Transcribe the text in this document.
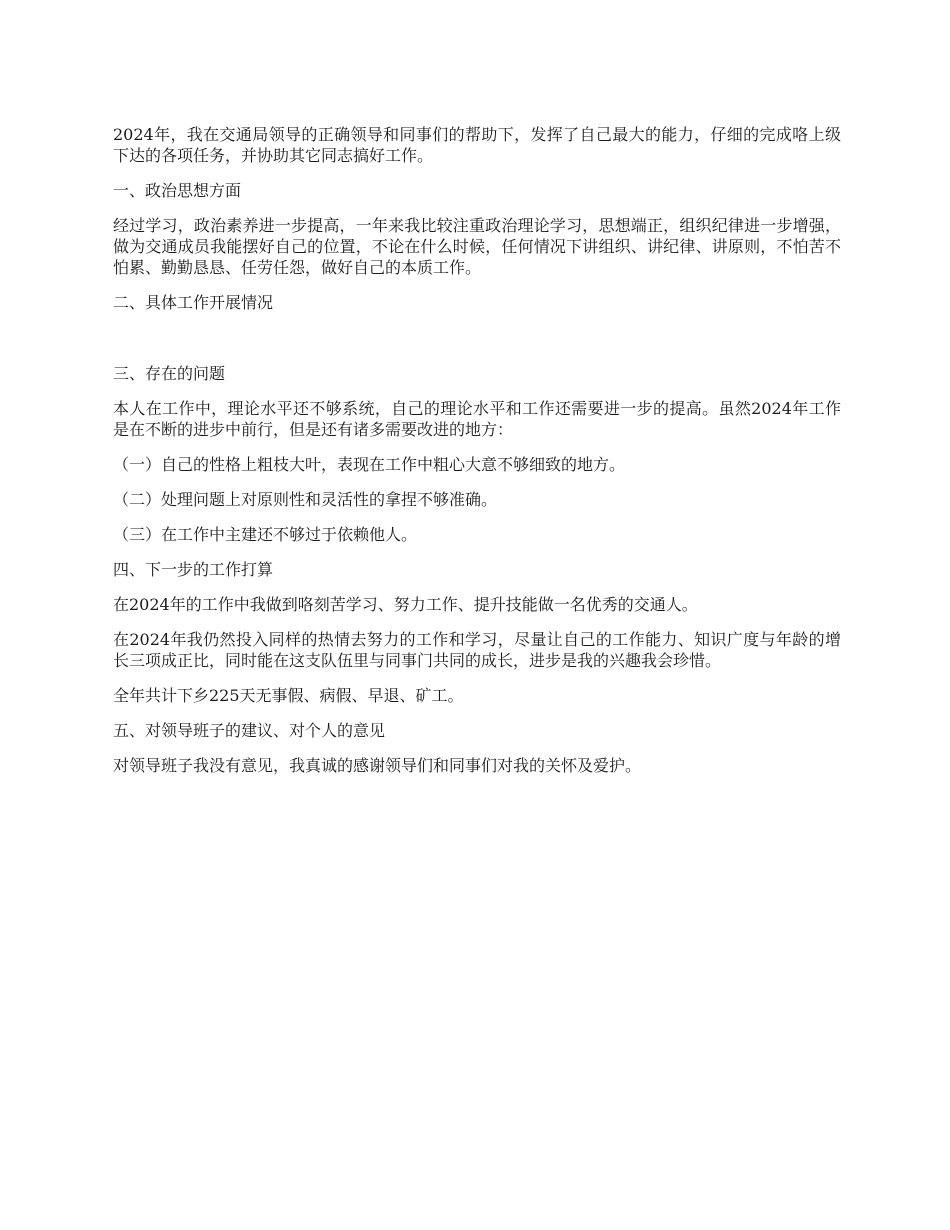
2024年，我在交通局领导的正确领导和同事们的帮助下，发挥了自己最大的能力，仔细的完成咯上级下达的各项任务，并协助其它同志搞好工作。

一、政治思想方面

经过学习，政治素养进一步提高，一年来我比较注重政治理论学习，思想端正，组织纪律进一步增强，做为交通成员我能摆好自己的位置，不论在什么时候，任何情况下讲组织、讲纪律、讲原则，不怕苦不怕累、勤勤恳恳、任劳任怨，做好自己的本质工作。

二、具体工作开展情况

三、存在的问题

本人在工作中，理论水平还不够系统，自己的理论水平和工作还需要进一步的提高。虽然2024年工作是在不断的进步中前行，但是还有诸多需要改进的地方：

（一）自己的性格上粗枝大叶，表现在工作中粗心大意不够细致的地方。

（二）处理问题上对原则性和灵活性的拿捏不够准确。

（三）在工作中主建还不够过于依赖他人。

四、下一步的工作打算

在2024年的工作中我做到咯刻苦学习、努力工作、提升技能做一名优秀的交通人。

在2024年我仍然投入同样的热情去努力的工作和学习，尽量让自己的工作能力、知识广度与年龄的增长三项成正比，同时能在这支队伍里与同事门共同的成长，进步是我的兴趣我会珍惜。

全年共计下乡225天无事假、病假、早退、矿工。

五、对领导班子的建议、对个人的意见

对领导班子我没有意见，我真诚的感谢领导们和同事们对我的关怀及爱护。
